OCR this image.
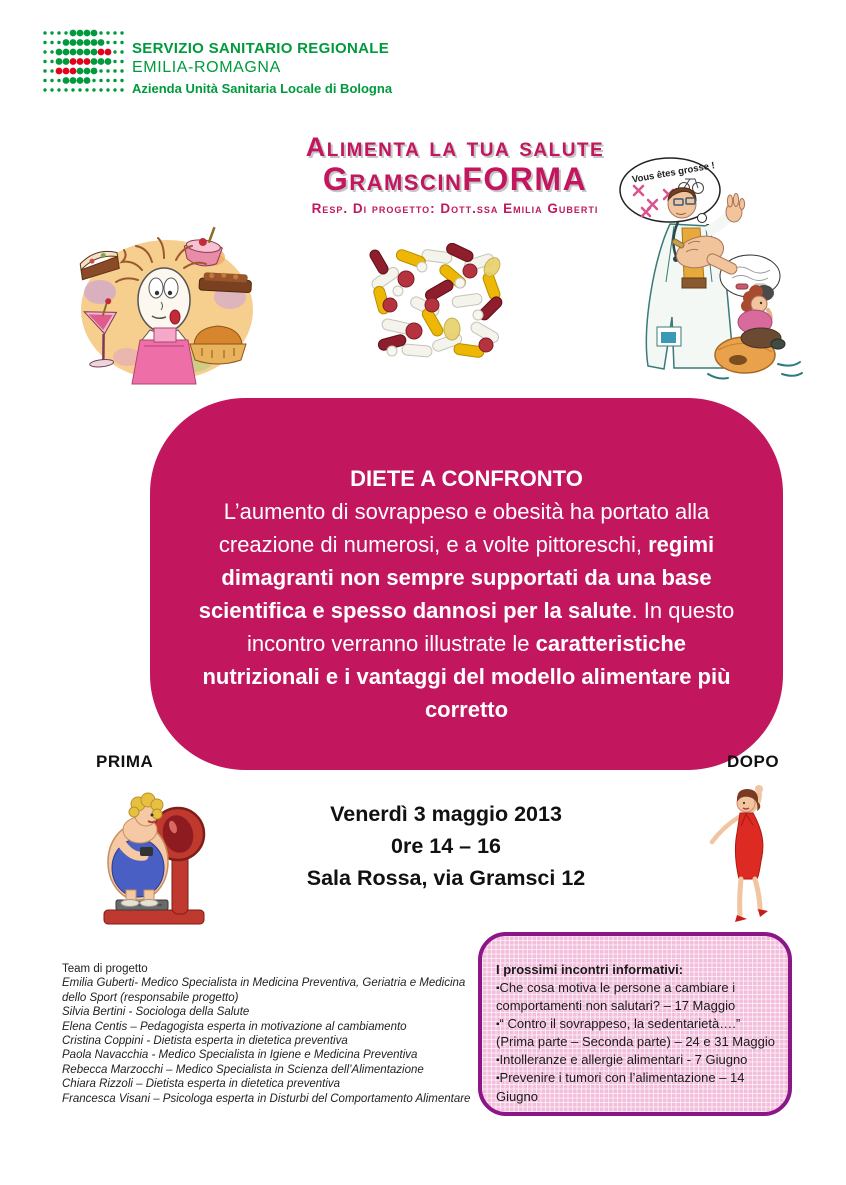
SERVIZIO SANITARIO REGIONALE
EMILIA-ROMAGNA
Azienda Unità Sanitaria Locale di Bologna
Alimenta la tua salute
GramscinFORMA
Resp. Di progetto: Dott.ssa Emilia Guberti
Vous êtes grosse !
DIETE A CONFRONTO

L’aumento di sovrappeso e obesità ha portato alla creazione di numerosi, e a volte pittoreschi, regimi dimagranti non sempre supportati da una base scientifica e spesso dannosi per la salute. In questo incontro verranno illustrate le caratteristiche nutrizionali e i vantaggi del modello alimentare più corretto

PRIMA	DOPO
Venerdì 3 maggio 2013
0re 14 – 16
Sala Rossa, via Gramsci 12
Team di progetto
Emilia Guberti- Medico Specialista in Medicina Preventiva, Geriatria e Medicina dello Sport (responsabile progetto)
Silvia Bertini - Sociologa della Salute
Elena Centis – Pedagogista esperta in motivazione al cambiamento
Cristina Coppini - Dietista esperta in dietetica preventiva
Paola Navacchia - Medico Specialista in Igiene e Medicina Preventiva
Rebecca Marzocchi – Medico Specialista in Scienza dell’Alimentazione
Chiara Rizzoli – Dietista esperta in dietetica preventiva
Francesca Visani – Psicologa esperta in Disturbi del Comportamento Alimentare
I prossimi incontri informativi:
▪Che cosa motiva le persone a cambiare i comportamenti non salutari? – 17 Maggio
▪“ Contro il sovrappeso, la sedentarietà….” (Prima parte – Seconda parte) – 24 e 31 Maggio
▪Intolleranze e allergie alimentari - 7 Giugno
▪Prevenire i tumori con l’alimentazione – 14 Giugno
